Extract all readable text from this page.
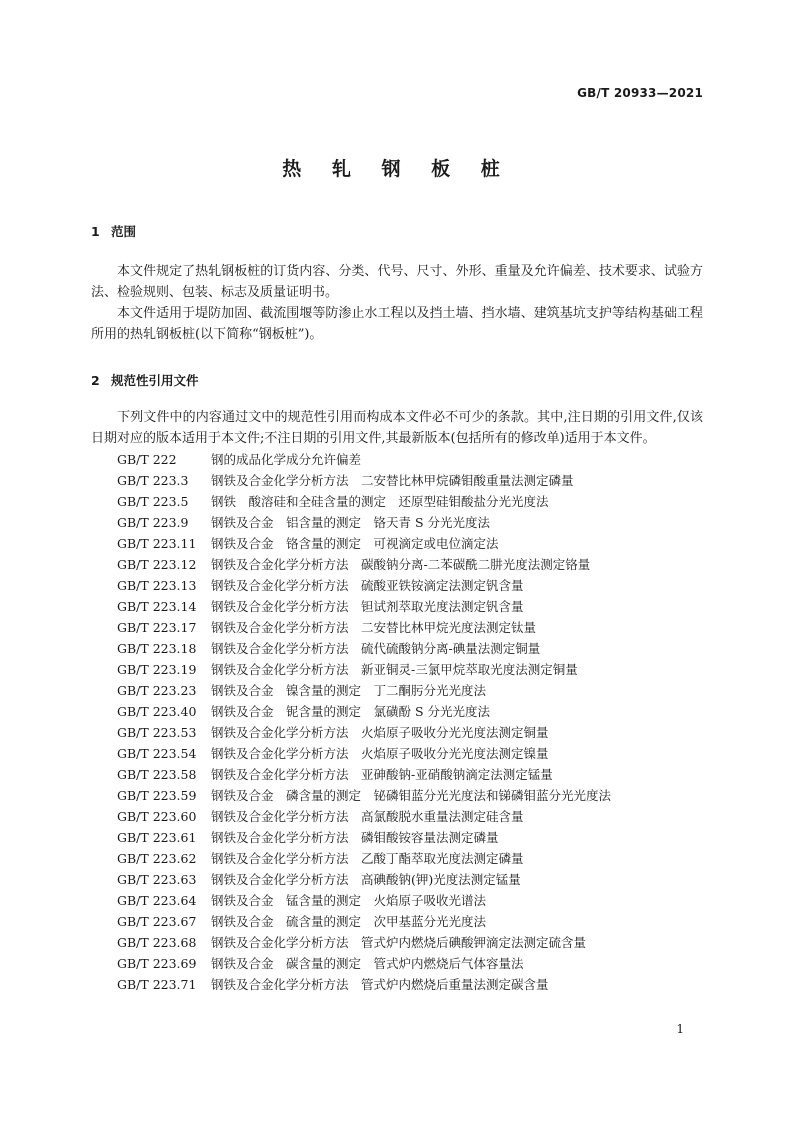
GB/T 20933—2021
热 轧 钢 板 桩
1 范围

本文件规定了热轧钢板桩的订货内容、分类、代号、尺寸、外形、重量及允许偏差、技术要求、试验方法、检验规则、包装、标志及质量证明书。

本文件适用于堤防加固、截流围堰等防渗止水工程以及挡土墙、挡水墙、建筑基坑支护等结构基础工程所用的热轧钢板桩(以下简称“钢板桩”)。

2 规范性引用文件

下列文件中的内容通过文中的规范性引用而构成本文件必不可少的条款。其中,注日期的引用文件,仅该日期对应的版本适用于本文件;不注日期的引用文件,其最新版本(包括所有的修改单)适用于本文件。

GB/T 222	钢的成品化学成分允许偏差
GB/T 223.3	钢铁及合金化学分析方法　二安替比林甲烷磷钼酸重量法测定磷量
GB/T 223.5	钢铁　酸溶硅和全硅含量的测定　还原型硅钼酸盐分光光度法
GB/T 223.9	钢铁及合金　铝含量的测定　铬天青 S 分光光度法
GB/T 223.11	钢铁及合金　铬含量的测定　可视滴定或电位滴定法
GB/T 223.12	钢铁及合金化学分析方法　碳酸钠分离-二苯碳酰二肼光度法测定铬量
GB/T 223.13	钢铁及合金化学分析方法　硫酸亚铁铵滴定法测定钒含量
GB/T 223.14	钢铁及合金化学分析方法　钽试剂萃取光度法测定钒含量
GB/T 223.17	钢铁及合金化学分析方法　二安替比林甲烷光度法测定钛量
GB/T 223.18	钢铁及合金化学分析方法　硫代硫酸钠分离-碘量法测定铜量
GB/T 223.19	钢铁及合金化学分析方法　新亚铜灵-三氯甲烷萃取光度法测定铜量
GB/T 223.23	钢铁及合金　镍含量的测定　丁二酮肟分光光度法
GB/T 223.40	钢铁及合金　铌含量的测定　氯磺酚 S 分光光度法
GB/T 223.53	钢铁及合金化学分析方法　火焰原子吸收分光光度法测定铜量
GB/T 223.54	钢铁及合金化学分析方法　火焰原子吸收分光光度法测定镍量
GB/T 223.58	钢铁及合金化学分析方法　亚砷酸钠-亚硝酸钠滴定法测定锰量
GB/T 223.59	钢铁及合金　磷含量的测定　铋磷钼蓝分光光度法和锑磷钼蓝分光光度法
GB/T 223.60	钢铁及合金化学分析方法　高氯酸脱水重量法测定硅含量
GB/T 223.61	钢铁及合金化学分析方法　磷钼酸铵容量法测定磷量
GB/T 223.62	钢铁及合金化学分析方法　乙酸丁酯萃取光度法测定磷量
GB/T 223.63	钢铁及合金化学分析方法　高碘酸钠(钾)光度法测定锰量
GB/T 223.64	钢铁及合金　锰含量的测定　火焰原子吸收光谱法
GB/T 223.67	钢铁及合金　硫含量的测定　次甲基蓝分光光度法
GB/T 223.68	钢铁及合金化学分析方法　管式炉内燃烧后碘酸钾滴定法测定硫含量
GB/T 223.69	钢铁及合金　碳含量的测定　管式炉内燃烧后气体容量法
GB/T 223.71	钢铁及合金化学分析方法　管式炉内燃烧后重量法测定碳含量
1
